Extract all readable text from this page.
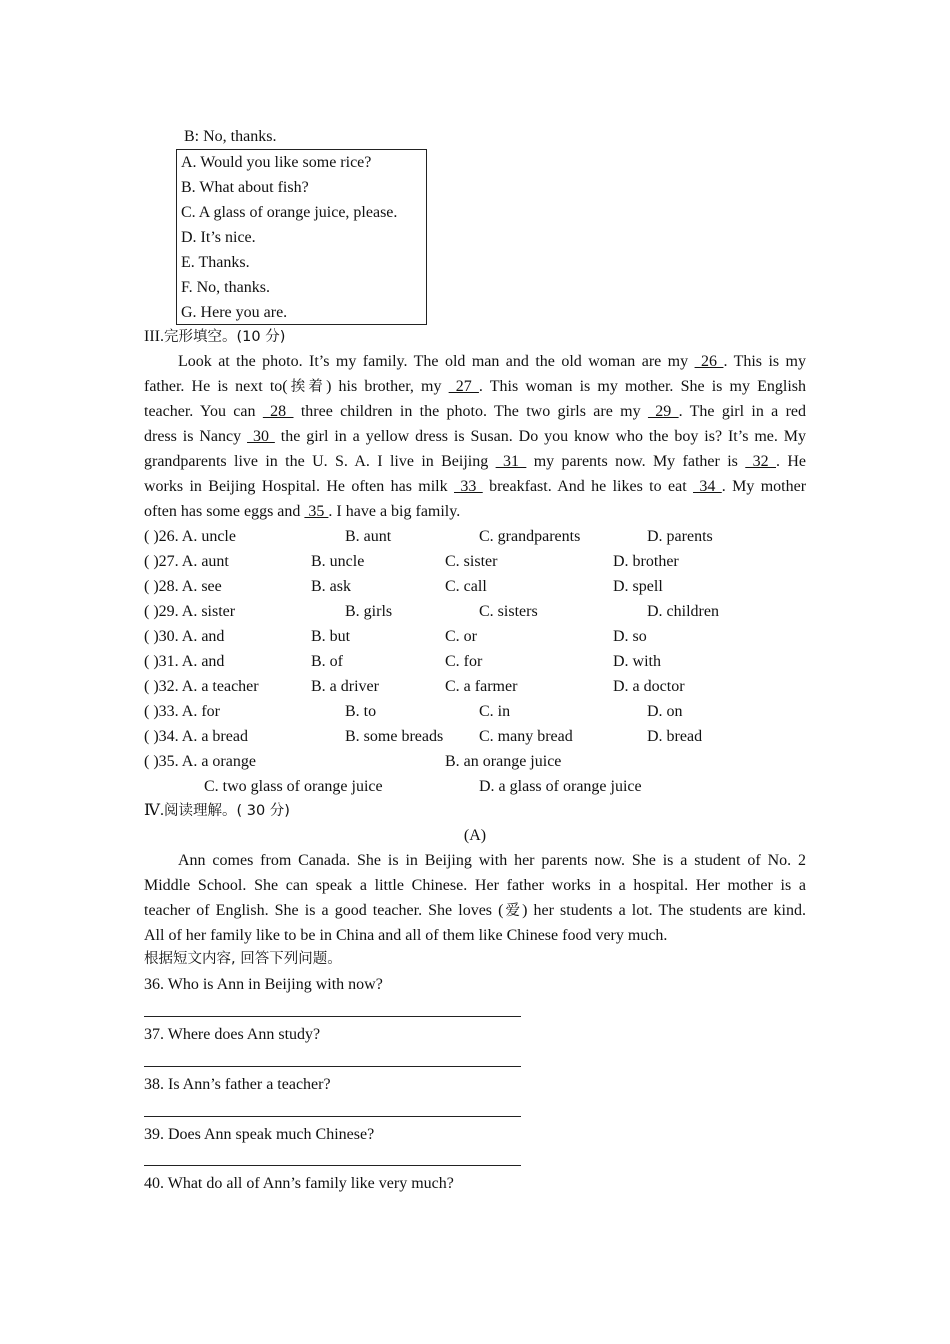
B: No, thanks.
A. Would you like some rice?
B. What about fish?
C. A glass of orange juice, please.
D. It’s nice.
E. Thanks.
F. No, thanks.
G. Here you are.
III.完形填空。(10 分)
Look at the photo. It’s my family. The old man and the old woman are my  26 . This is my
father. He is next to(挨着) his brother, my  27 . This woman is my mother. She is my English
teacher. You can  28  three children in the photo. The two girls are my  29 . The girl in a red
dress is Nancy  30  the girl in a yellow dress is Susan. Do you know who the boy is? It’s me. My
grandparents live in the U. S. A. I live in Beijing  31  my parents now. My father is  32 . He
works in Beijing Hospital. He often has milk  33  breakfast. And he likes to eat  34 . My mother
often has some eggs and  35 . I have a big family.
( )26. A. uncle	B. aunt	C. grandparents	D. parents
( )27. A. aunt	B. uncle	C. sister	D. brother
( )28. A. see	B. ask	C. call	D. spell
( )29. A. sister	B. girls	C. sisters	D. children
( )30. A. and	B. but	C. or	D. so
( )31. A. and	B. of	C. for	D. with
( )32. A. a teacher	B. a driver	C. a farmer	D. a doctor
( )33. A. for	B. to	C. in	D. on
( )34. A. a bread	B. some breads C. many bread	D. bread
( )35. A. a orange	B. an orange juice
C. two glass of orange juice	D. a glass of orange juice
Ⅳ.阅读理解。( 30 分)
(A)
Ann comes from Canada. She is in Beijing with her parents now. She is a student of No. 2
Middle School. She can speak a little Chinese. Her father works in a hospital. Her mother is a
teacher of English. She is a good teacher. She loves (爱) her students a lot. The students are kind.
All of her family like to be in China and all of them like Chinese food very much.
根据短文内容, 回答下列问题。
36. Who is Ann in Beijing with now?
37. Where does Ann study?
38. Is Ann’s father a teacher?
39. Does Ann speak much Chinese?
40. What do all of Ann’s family like very much?
